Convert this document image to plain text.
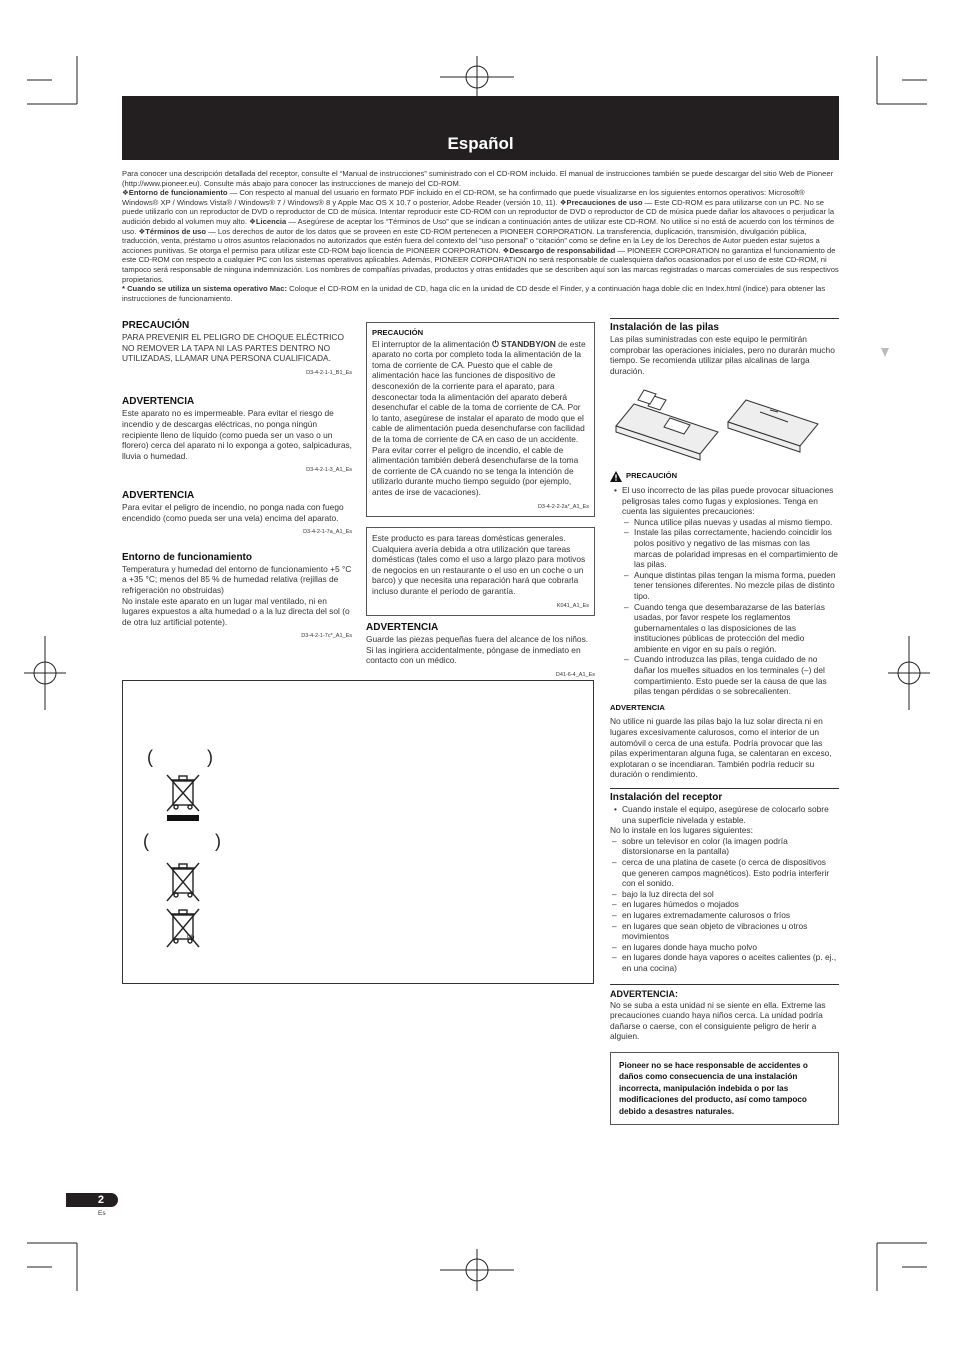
Español

Para conocer una descripción detallada del receptor, consulte el “Manual de instrucciones” suministrado con el CD-ROM incluido. El manual de instrucciones también se puede descargar del sitio Web de Pioneer (http://www.pioneer.eu). Consulte más abajo para conocer las instrucciones de manejo del CD-ROM.

❖Entorno de funcionamiento — Con respecto al manual del usuario en formato PDF incluido en el CD-ROM, se ha confirmado que puede visualizarse en los siguientes entornos operativos: Microsoft® Windows® XP / Windows Vista® / Windows® 7 / Windows® 8 y Apple Mac OS X 10.7 o posterior, Adobe Reader (versión 10, 11). ❖Precauciones de uso — Este CD-ROM es para utilizarse con un PC. No se puede utilizarlo con un reproductor de DVD o reproductor de CD de música. Intentar reproducir este CD-ROM con un reproductor de DVD o reproductor de CD de música puede dañar los altavoces o perjudicar la audición debido al volumen muy alto. ❖Licencia — Asegúrese de aceptar los “Términos de Uso” que se indican a continuación antes de utilizar este CD-ROM. No utilice si no está de acuerdo con los términos de uso. ❖Términos de uso — Los derechos de autor de los datos que se proveen en este CD-ROM pertenecen a PIONEER CORPORATION. La transferencia, duplicación, transmisión, divulgación pública, traducción, venta, préstamo u otros asuntos relacionados no autorizados que estén fuera del contexto del “uso personal” o “citación” como se define en la Ley de los Derechos de Autor pueden estar sujetos a acciones punitivas. Se otorga el permiso para utilizar este CD-ROM bajo licencia de PIONEER CORPORATION. ❖Descargo de responsabilidad — PIONEER CORPORATION no garantiza el funcionamiento de este CD-ROM con respecto a cualquier PC con los sistemas operativos aplicables. Además, PIONEER CORPORATION no será responsable de cualesquiera daños ocasionados por el uso de este CD-ROM, ni tampoco será responsable de ninguna indemnización. Los nombres de compañías privadas, productos y otras entidades que se describen aquí son las marcas registradas o marcas comerciales de sus respectivos propietarios.

* Cuando se utiliza un sistema operativo Mac: Coloque el CD-ROM en la unidad de CD, haga clic en la unidad de CD desde el Finder, y a continuación haga doble clic en Index.html (índice) para obtener las instrucciones de funcionamiento.

PRECAUCIÓN

PARA PREVENIR EL PELIGRO DE CHOQUE ELÉCTRICO NO REMOVER LA TAPA NI LAS PARTES DENTRO NO UTILIZADAS, LLAMAR UNA PERSONA CUALIFICADA.

D3-4-2-1-1_B1_Es
ADVERTENCIA

Este aparato no es impermeable. Para evitar el riesgo de incendio y de descargas eléctricas, no ponga ningún recipiente lleno de líquido (como pueda ser un vaso o un florero) cerca del aparato ni lo exponga a goteo, salpicaduras, lluvia o humedad.

D3-4-2-1-3_A1_Es
ADVERTENCIA

Para evitar el peligro de incendio, no ponga nada con fuego encendido (como pueda ser una vela) encima del aparato.

D3-4-2-1-7a_A1_Es
Entorno de funcionamiento

Temperatura y humedad del entorno de funcionamiento +5 °C a +35 °C; menos del 85 % de humedad relativa (rejillas de refrigeración no obstruidas)

No instale este aparato en un lugar mal ventilado, ni en lugares expuestos a alta humedad o a la luz directa del sol (o de otra luz artificial potente).

D3-4-2-1-7c*_A1_Es
PRECAUCIÓN

El interruptor de la alimentación ⏻ STANDBY/ON de este aparato no corta por completo toda la alimentación de la toma de corriente de CA. Puesto que el cable de alimentación hace las funciones de dispositivo de desconexión de la corriente para el aparato, para desconectar toda la alimentación del aparato deberá desenchufar el cable de la toma de corriente de CA. Por lo tanto, asegúrese de instalar el aparato de modo que el cable de alimentación pueda desenchufarse con facilidad de la toma de corriente de CA en caso de un accidente. Para evitar correr el peligro de incendio, el cable de alimentación también deberá desenchufarse de la toma de corriente de CA cuando no se tenga la intención de utilizarlo durante mucho tiempo seguido (por ejemplo, antes de irse de vacaciones).

D3-4-2-2-2a*_A1_Es

Este producto es para tareas domésticas generales. Cualquiera avería debida a otra utilización que tareas domésticas (tales como el uso a largo plazo para motivos de negocios en un restaurante o el uso en un coche o un barco) y que necesita una reparación hará que cobrarla incluso durante el período de garantía.

K041_A1_Es
ADVERTENCIA

Guarde las piezas pequeñas fuera del alcance de los niños. Si las ingiriera accidentalmente, póngase de inmediato en contacto con un médico.

D41-6-4_A1_Es
(	)
(	)
Pb
Instalación de las pilas

Las pilas suministradas con este equipo le permitirán comprobar las operaciones iniciales, pero no durarán mucho tiempo. Se recomienda utilizar pilas alcalinas de larga duración.

PRECAUCIÓN
• El uso incorrecto de las pilas puede provocar situaciones peligrosas tales como fugas y explosiones. Tenga en cuenta las siguientes precauciones:
– Nunca utilice pilas nuevas y usadas al mismo tiempo.
– Instale las pilas correctamente, haciendo coincidir los polos positivo y negativo de las mismas con las marcas de polaridad impresas en el compartimiento de las pilas.
– Aunque distintas pilas tengan la misma forma, pueden tener tensiones diferentes. No mezcle pilas de distinto tipo.
– Cuando tenga que desembarazarse de las baterías usadas, por favor respete los reglamentos gubernamentales o las disposiciones de las instituciones públicas de protección del medio ambiente en vigor en su país o región.
– Cuando introduzca las pilas, tenga cuidado de no dañar los muelles situados en los terminales (–) del compartimiento. Esto puede ser la causa de que las pilas tengan pérdidas o se sobrecalienten.
ADVERTENCIA

No utilice ni guarde las pilas bajo la luz solar directa ni en lugares excesivamente calurosos, como el interior de un automóvil o cerca de una estufa. Podría provocar que las pilas experimentaran alguna fuga, se calentaran en exceso, explotaran o se incendiaran. También podría reducir su duración o rendimiento.

Instalación del receptor
• Cuando instale el equipo, asegúrese de colocarlo sobre una superficie nivelada y estable.

No lo instale en los lugares siguientes:

– sobre un televisor en color (la imagen podría distorsionarse en la pantalla)
– cerca de una platina de casete (o cerca de dispositivos que generen campos magnéticos). Esto podría interferir con el sonido.
– bajo la luz directa del sol
– en lugares húmedos o mojados
– en lugares extremadamente calurosos o fríos
– en lugares que sean objeto de vibraciones u otros movimientos
– en lugares donde haya mucho polvo
– en lugares donde haya vapores o aceites calientes (p. ej., en una cocina)
ADVERTENCIA:

No se suba a esta unidad ni se siente en ella. Extreme las precauciones cuando haya niños cerca. La unidad podría dañarse o caerse, con el consiguiente peligro de herir a alguien.

Pioneer no se hace responsable de accidentes o daños como consecuencia de una instalación incorrecta, manipulación indebida o por las modificaciones del producto, así como tampoco debido a desastres naturales.
2
Es
